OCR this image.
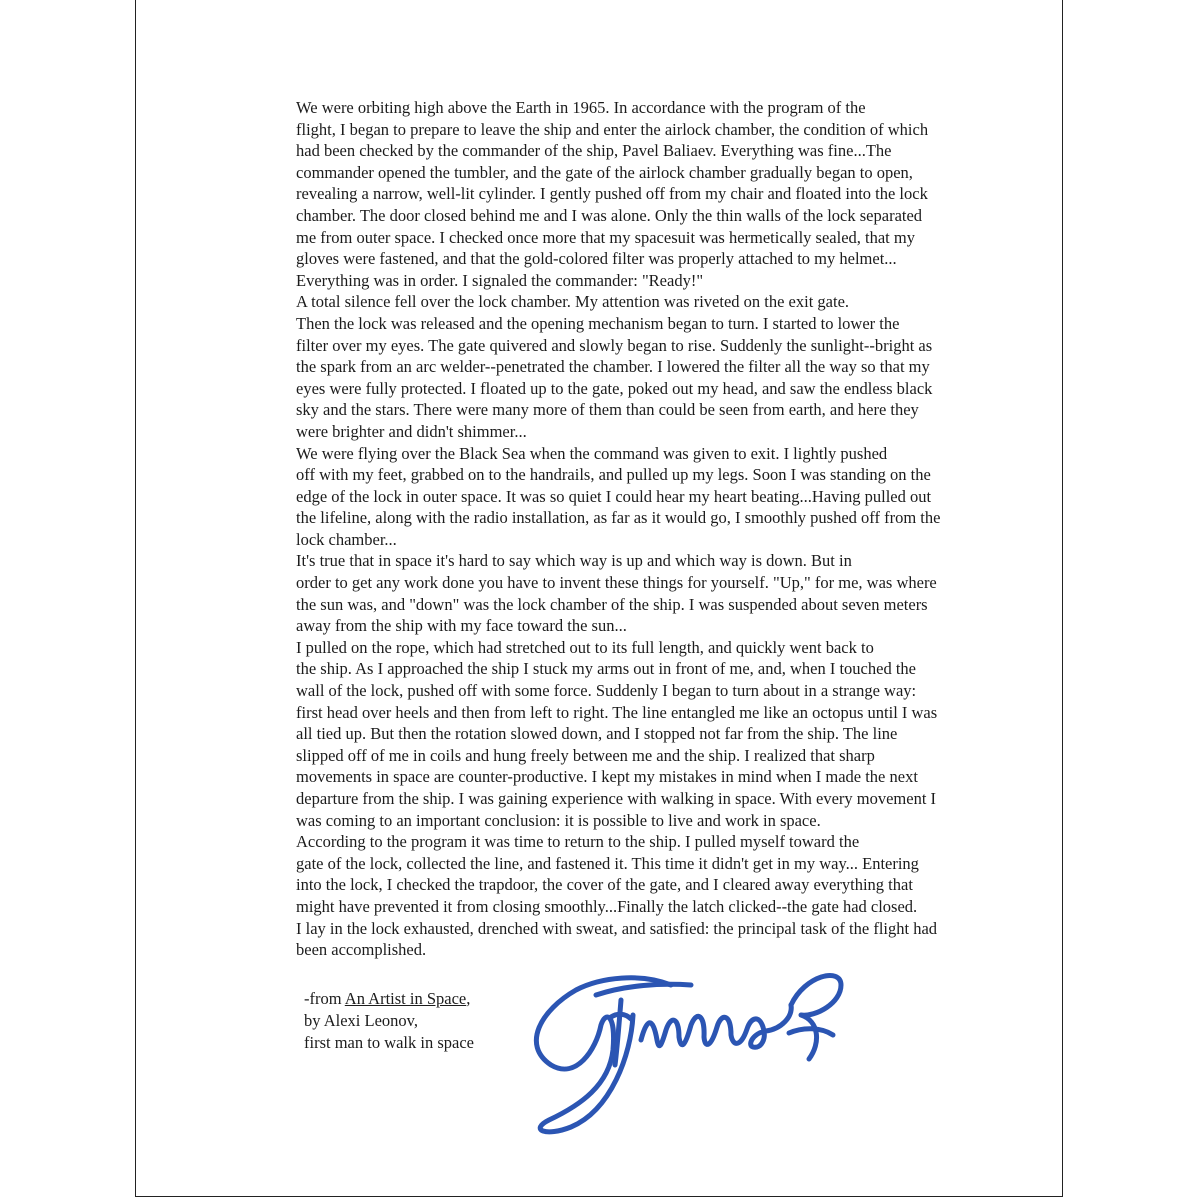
We were orbiting high above the Earth in 1965. In accordance with the program of the
flight, I began to prepare to leave the ship and enter the airlock chamber, the condition of which
had been checked by the commander of the ship, Pavel Baliaev. Everything was fine...The
commander opened the tumbler, and the gate of the airlock chamber gradually began to open,
revealing a narrow, well-lit cylinder. I gently pushed off from my chair and floated into the lock
chamber. The door closed behind me and I was alone. Only the thin walls of the lock separated
me from outer space. I checked once more that my spacesuit was hermetically sealed, that my
gloves were fastened, and that the gold-colored filter was properly attached to my helmet...
Everything was in order. I signaled the commander: "Ready!"

A total silence fell over the lock chamber. My attention was riveted on the exit gate.
Then the lock was released and the opening mechanism began to turn. I started to lower the
filter over my eyes. The gate quivered and slowly began to rise. Suddenly the sunlight--bright as
the spark from an arc welder--penetrated the chamber. I lowered the filter all the way so that my
eyes were fully protected. I floated up to the gate, poked out my head, and saw the endless black
sky and the stars. There were many more of them than could be seen from earth, and here they
were brighter and didn't shimmer...

We were flying over the Black Sea when the command was given to exit. I lightly pushed
off with my feet, grabbed on to the handrails, and pulled up my legs. Soon I was standing on the
edge of the lock in outer space. It was so quiet I could hear my heart beating...Having pulled out
the lifeline, along with the radio installation, as far as it would go, I smoothly pushed off from the
lock chamber...

It's true that in space it's hard to say which way is up and which way is down. But in
order to get any work done you have to invent these things for yourself. "Up," for me, was where
the sun was, and "down" was the lock chamber of the ship. I was suspended about seven meters
away from the ship with my face toward the sun...

I pulled on the rope, which had stretched out to its full length, and quickly went back to
the ship. As I approached the ship I stuck my arms out in front of me, and, when I touched the
wall of the lock, pushed off with some force. Suddenly I began to turn about in a strange way:
first head over heels and then from left to right. The line entangled me like an octopus until I was
all tied up. But then the rotation slowed down, and I stopped not far from the ship. The line
slipped off of me in coils and hung freely between me and the ship. I realized that sharp
movements in space are counter-productive. I kept my mistakes in mind when I made the next
departure from the ship. I was gaining experience with walking in space. With every movement I
was coming to an important conclusion: it is possible to live and work in space.

According to the program it was time to return to the ship. I pulled myself toward the
gate of the lock, collected the line, and fastened it. This time it didn't get in my way... Entering
into the lock, I checked the trapdoor, the cover of the gate, and I cleared away everything that
might have prevented it from closing smoothly...Finally the latch clicked--the gate had closed.
I lay in the lock exhausted, drenched with sweat, and satisfied: the principal task of the flight had
been accomplished.

-from An Artist in Space,
by Alexi Leonov,
first man to walk in space
